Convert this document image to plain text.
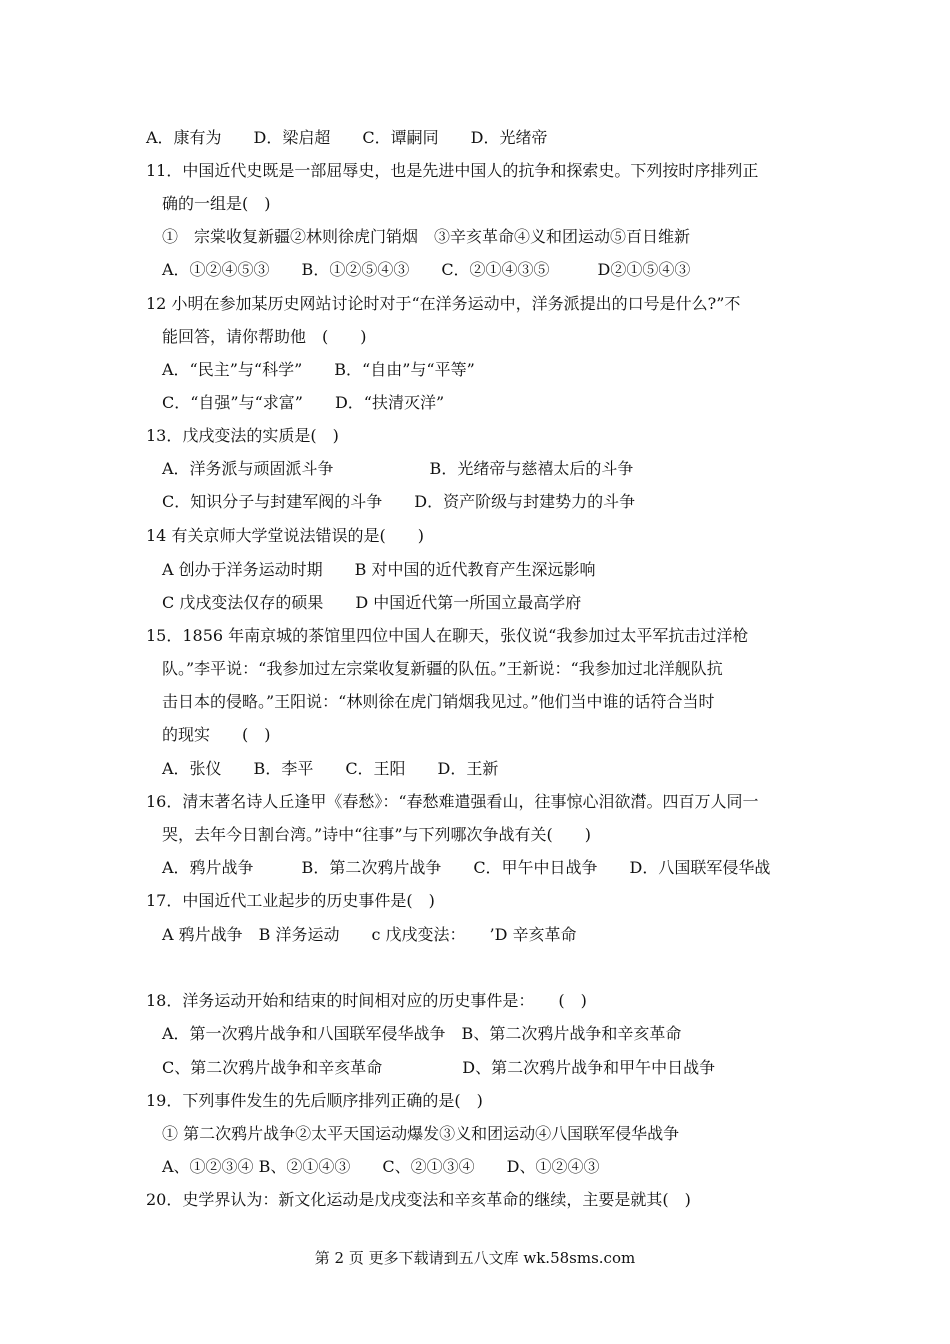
A．康有为　　D．梁启超　　C．谭嗣同　　D．光绪帝
11．中国近代史既是一部屈辱史，也是先进中国人的抗争和探索史。下列按时序排列正
确的一组是(　)
①　宗棠收复新疆②林则徐虎门销烟　③辛亥革命④义和团运动⑤百日维新
A．①②④⑤③　　B．①②⑤④③　　C．②①④③⑤　　　D②①⑤④③
12 小明在参加某历史网站讨论时对于“在洋务运动中，洋务派提出的口号是什么?”不
能回答，请你帮助他　(　　)
A．“民主”与“科学”　　B．“自由”与“平等”
C．“自强”与“求富”　　D．“扶清灭洋”
13．戊戌变法的实质是(　)
A．洋务派与顽固派斗争　　　　　　B．光绪帝与慈禧太后的斗争
C．知识分子与封建军阀的斗争　　D．资产阶级与封建势力的斗争
14 有关京师大学堂说法错误的是(　　)
A 创办于洋务运动时期　　B 对中国的近代教育产生深远影响
C 戊戌变法仅存的硕果　　D 中国近代第一所国立最高学府
15．1856 年南京城的茶馆里四位中国人在聊天，张仪说“我参加过太平军抗击过洋枪
队。”李平说：“我参加过左宗棠收复新疆的队伍。”王新说：“我参加过北洋舰队抗
击日本的侵略。”王阳说：“林则徐在虎门销烟我见过。”他们当中谁的话符合当时
的现实　　(　)
A．张仪　　B．李平　　C．王阳　　D．王新
16．清末著名诗人丘逢甲《春愁》：“春愁难遣强看山，往事惊心泪欲潸。四百万人同一
哭，去年今日割台湾。”诗中“往事”与下列哪次争战有关(　　)
A．鸦片战争　　　B．第二次鸦片战争　　C．甲午中日战争　　D．八国联军侵华战
17．中国近代工业起步的历史事件是(　)
A 鸦片战争　B 洋务运动　　c 戊戌变法：　　’D 辛亥革命
18．洋务运动开始和结束的时间相对应的历史事件是：　　(　)
A．第一次鸦片战争和八国联军侵华战争　B、第二次鸦片战争和辛亥革命
C、第二次鸦片战争和辛亥革命　　　　　D、第二次鸦片战争和甲午中日战争
19．下列事件发生的先后顺序排列正确的是(　)
① 第二次鸦片战争②太平天国运动爆发③义和团运动④八国联军侵华战争
A、①②③④ B、②①④③　　C、②①③④　　D、①②④③
20．史学界认为：新文化运动是戊戌变法和辛亥革命的继续，主要是就其(　)
第 2 页 更多下载请到五八文库 wk.58sms.com
